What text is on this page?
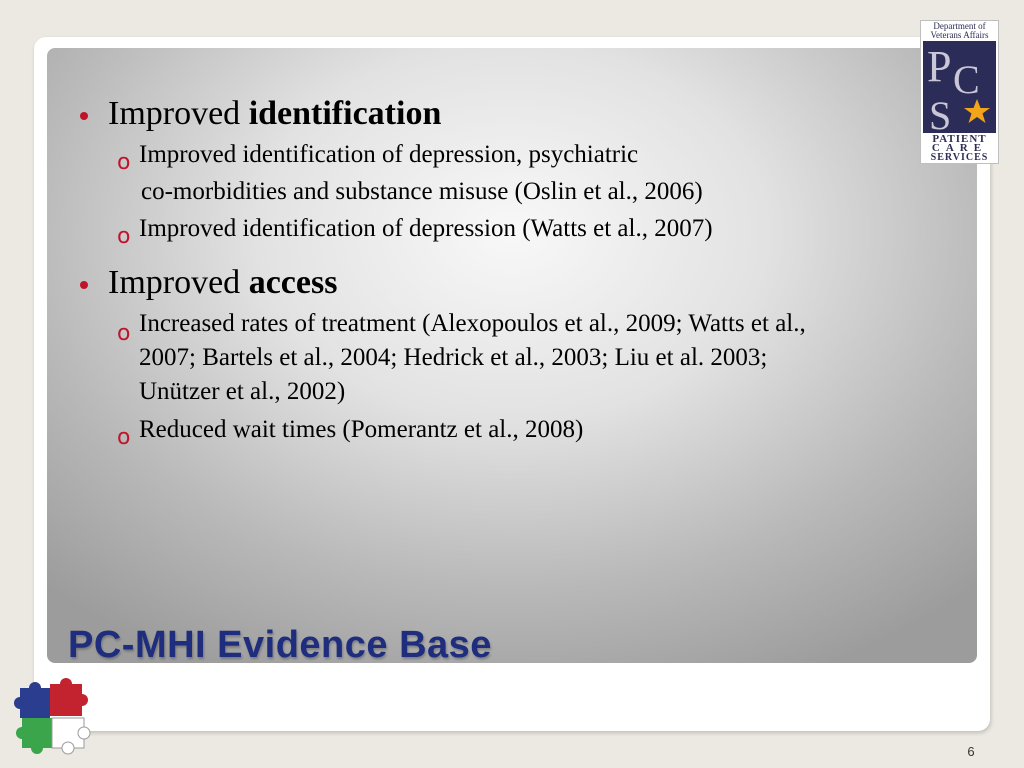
Department of
Veterans Affairs
P C
S
PATIENT
CARE
SERVICES
Improved identification
o Improved identification of depression, psychiatric
co-morbidities and substance misuse (Oslin et al., 2006)
o Improved identification of depression (Watts et al., 2007)
Improved access
o Increased rates of treatment (Alexopoulos et al., 2009; Watts et al.,
2007; Bartels et al., 2004; Hedrick et al., 2003; Liu et al. 2003;
Unützer et al., 2002)
o Reduced wait times (Pomerantz et al., 2008)
PC-MHI Evidence Base
6
